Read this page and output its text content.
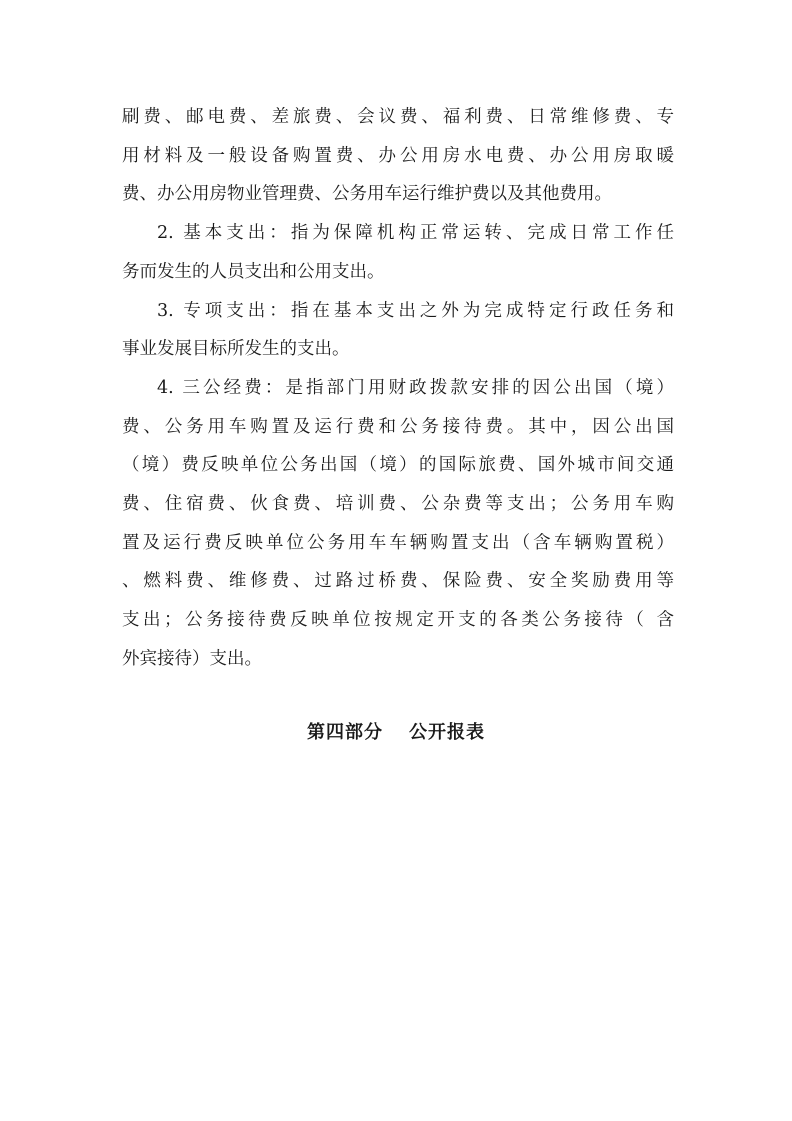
刷费、邮电费、差旅费、会议费、福利费、日常维修费、专
用材料及一般设备购置费、办公用房水电费、办公用房取暖
费、办公用房物业管理费、公务用车运行维护费以及其他费用。

2. 基本支出：指为保障机构正常运转、完成日常工作任
务而发生的人员支出和公用支出。

3. 专项支出：指在基本支出之外为完成特定行政任务和
事业发展目标所发生的支出。

4. 三公经费：是指部门用财政拨款安排的因公出国（境）
费、公务用车购置及运行费和公务接待费。其中，因公出国
（境）费反映单位公务出国（境）的国际旅费、国外城市间交通
费、住宿费、伙食费、培训费、公杂费等支出；公务用车购
置及运行费反映单位公务用车车辆购置支出（含车辆购置税）
、燃料费、维修费、过路过桥费、保险费、安全奖励费用等
支出；公务接待费反映单位按规定开支的各类公务接待（ 含
外宾接待）支出。

第四部分 公开报表
